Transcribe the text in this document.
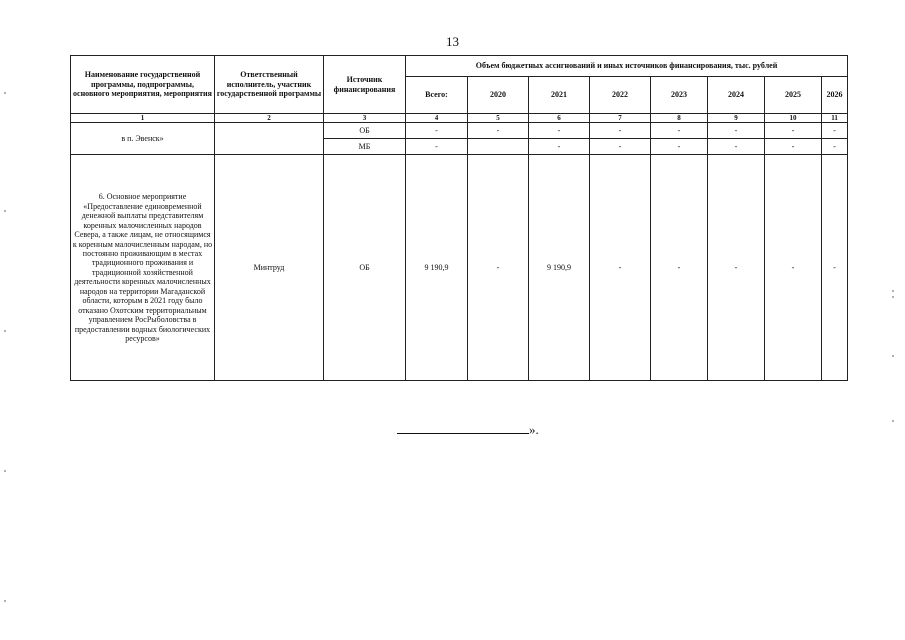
13
Наименование государственной программы, подпрограммы, основного мероприятия, мероприятия	Ответственный исполнитель, участник государственной программы	Источник финансирования	Объем бюджетных ассигнований и иных источников финансирования, тыс. рублей							
			Всего:	2020	2021	2022	2023	2024	2025	2026
1	2	3	4	5	6	7	8	9	10	11
в п. Эвенск»		ОБ	-	-	-	-	-	-	-	-
		МБ	-		-	-	-	-	-	-
6. Основное мероприятие «Предоставление единовременной денежной выплаты представителям коренных малочисленных народов Севера, а также лицам, не относящимся к коренным малочисленным народам, но постоянно проживающим в местах традиционного проживания и традиционной хозяйственной деятельности коренных малочисленных народов на территории Магаданской области, которым в 2021 году было отказано Охотским территориальным управлением РосРыболовства в предоставлении водных биологических ресурсов»	Минтруд	ОБ	9 190,9	-	9 190,9	-	-	-	-	-
».
